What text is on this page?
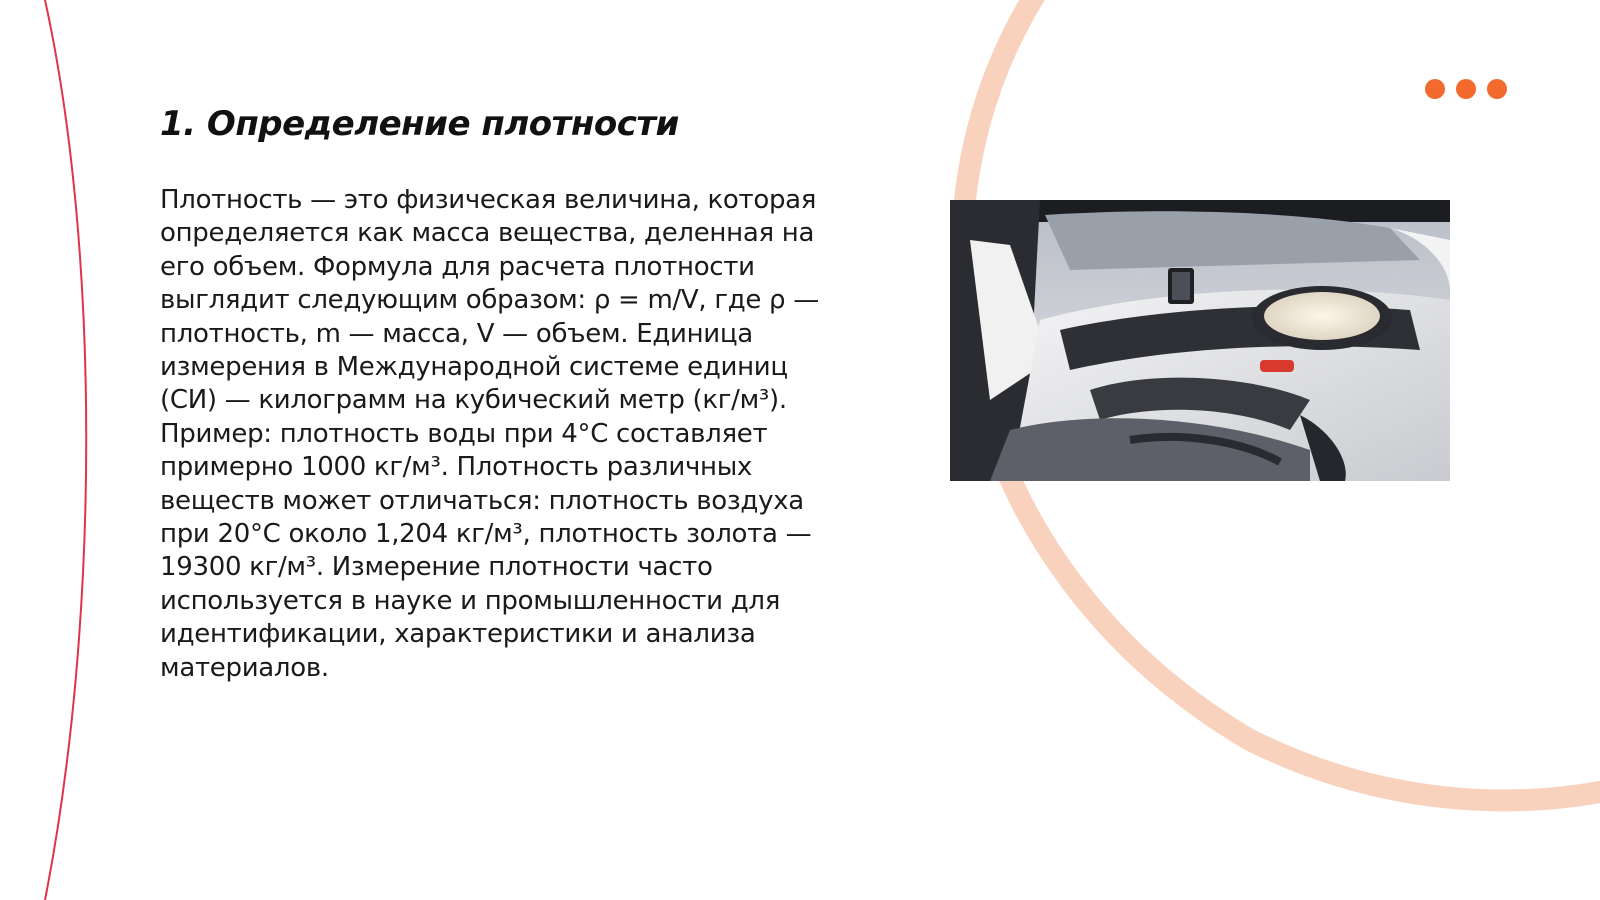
1. Определение плотности

Плотность — это физическая величина, которая определяется как масса вещества, деленная на его объем. Формула для расчета плотности выглядит следующим образом: ρ = m/V, где ρ — плотность, m — масса, V — объем. Единица измерения в Международной системе единиц (СИ) — килограмм на кубический метр (кг/м³). Пример: плотность воды при 4°C составляет примерно 1000 кг/м³. Плотность различных веществ может отличаться: плотность воздуха при 20°C около 1,204 кг/м³, плотность золота — 19300 кг/м³. Измерение плотности часто используется в науке и промышленности для идентификации, характеристики и анализа материалов.
